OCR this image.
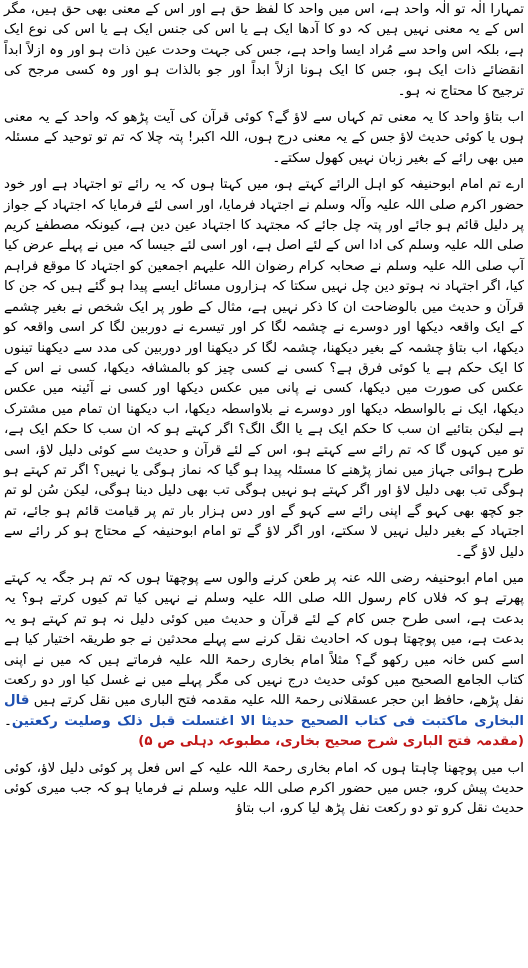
تمہارا الٰہ تو الٰہ واحد ہے، اس میں واحد کا لفظ حق ہے اور اس کے معنی بھی حق ہیں، مگر اس کے یہ معنی نہیں ہیں کہ دو کا آدھا ایک ہے یا اس کی جنس ایک ہے یا اس کی نوع ایک ہے، بلکہ اس واحد سے مُراد ایسا واحد ہے، جس کی جہت وحدت عین ذات ہو اور وہ ازلاً ابداً انقضائے ذات ایک ہو، جس کا ایک ہونا ازلاً ابداً اور جو بالذات ہو اور وہ کسی مرجح کی ترجیح کا محتاج نہ ہو۔

اب بتاؤ واحد کا یہ معنی تم کہاں سے لاؤ گے؟ کوئی قرآن کی آیت پڑھو کہ واحد کے یہ معنی ہوں یا کوئی حدیث لاؤ جس کے یہ معنی درج ہوں، اللہ اکبر! پتہ چلا کہ تم تو توحید کے مسئلہ میں بھی رائے کے بغیر زبان نہیں کھول سکتے۔

ارے تم امام ابوحنیفہ کو اہل الرائے کہتے ہو، میں کہتا ہوں کہ یہ رائے تو اجتہاد ہے اور خود حضور اکرم صلی اللہ علیہ وآلہ وسلم نے اجتہاد فرمایا، اور اسی لئے فرمایا کہ اجتہاد کے جواز پر دلیل قائم ہو جائے اور پتہ چل جائے کہ مجتہد کا اجتہاد عین دین ہے، کیونکہ مصطفےٰ کریم صلی اللہ علیہ وسلم کی ادا اس کے لئے اصل ہے، اور اسی لئے جیسا کہ میں نے پہلے عرض کیا آپ صلی اللہ علیہ وسلم نے صحابہ کرام رضوان اللہ علیہم اجمعین کو اجتہاد کا موقع فراہم کیا، اگر اجتہاد نہ ہوتو دین چل نہیں سکتا کہ ہزاروں مسائل ایسے پیدا ہو گئے ہیں کہ جن کا قرآن و حدیث میں بالوضاحت ان کا ذکر نہیں ہے، مثال کے طور پر ایک شخص نے بغیر چشمے کے ایک واقعہ دیکھا اور دوسرے نے چشمہ لگا کر اور تیسرے نے دوربین لگا کر اسی واقعہ کو دیکھا، اب بتاؤ چشمہ کے بغیر دیکھنا، چشمہ لگا کر دیکھنا اور دوربین کی مدد سے دیکھنا تینوں کا ایک حکم ہے یا کوئی فرق ہے؟ کسی نے کسی چیز کو بالمشافہ دیکھا، کسی نے اس کے عکس کی صورت میں دیکھا، کسی نے پانی میں عکس دیکھا اور کسی نے آئینہ میں عکس دیکھا، ایک نے بالواسطہ دیکھا اور دوسرے نے بلاواسطہ دیکھا، اب دیکھنا ان تمام میں مشترک ہے لیکن بتائیے ان سب کا حکم ایک ہے یا الگ الگ؟ اگر کہتے ہو کہ ان سب کا حکم ایک ہے، تو میں کہوں گا کہ تم رائے سے کہتے ہو، اس کے لئے قرآن و حدیث سے کوئی دلیل لاؤ، اسی طرح ہوائی جہاز میں نماز پڑھنے کا مسئلہ پیدا ہو گیا کہ نماز ہوگی یا نہیں؟ اگر تم کہتے ہو ہوگی تب بھی دلیل لاؤ اور اگر کہتے ہو نہیں ہوگی تب بھی دلیل دینا ہوگی، لیکن سُن لو تم جو کچھ بھی کہو گے اپنی رائے سے کہو گے اور دس ہزار بار تم پر قیامت قائم ہو جائے، تم اجتہاد کے بغیر دلیل نہیں لا سکتے، اور اگر لاؤ گے تو امام ابوحنیفہ کے محتاج ہو کر رائے سے دلیل لاؤ گے۔

میں امام ابوحنیفہ رضی اللہ عنہ پر طعن کرنے والوں سے پوچھتا ہوں کہ تم ہر جگہ یہ کہتے پھرتے ہو کہ فلاں کام رسول اللہ صلی اللہ علیہ وسلم نے نہیں کیا تم کیوں کرتے ہو؟ یہ بدعت ہے، اسی طرح جس کام کے لئے قرآن و حدیث میں کوئی دلیل نہ ہو تم کہتے ہو یہ بدعت ہے، میں پوچھتا ہوں کہ احادیث نقل کرنے سے پہلے محدثین نے جو طریقہ اختیار کیا ہے اسے کس خانہ میں رکھو گے؟ مثلاً امام بخاری رحمۃ اللہ علیہ فرماتے ہیں کہ میں نے اپنی کتاب الجامع الصحیح میں کوئی حدیث درج نہیں کی مگر پہلے میں نے غسل کیا اور دو رکعت نفل پڑھے، حافظ ابن حجر عسقلانی رحمۃ اللہ علیہ مقدمہ فتح الباری میں نقل کرتے ہیں قال البخاری ماکتبت فی کتاب الصحیح حدیثا الا اغتسلت قبل ذلک وصلیت رکعتین۔ (مقدمہ فتح الباری شرح صحیح بخاری، مطبوعہ دہلی ص ۵)

اب میں پوچھنا چاہتا ہوں کہ امام بخاری رحمۃ اللہ علیہ کے اس فعل پر کوئی دلیل لاؤ، کوئی حدیث پیش کرو، جس میں حضور اکرم صلی اللہ علیہ وسلم نے فرمایا ہو کہ جب میری کوئی حدیث نقل کرو تو دو رکعت نفل پڑھ لیا کرو، اب بتاؤ
